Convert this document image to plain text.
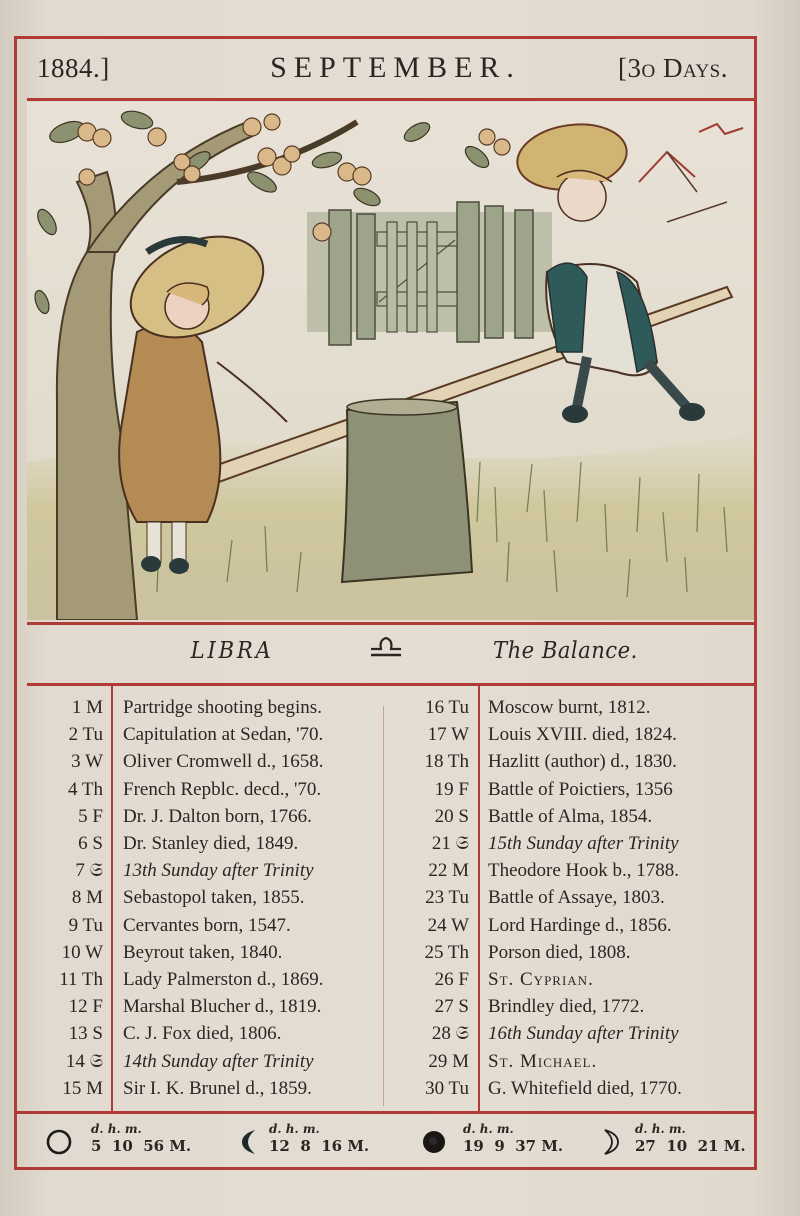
1884.]	SEPTEMBER.	[3o Days.
LIBRA	The Balance.
1 M Partridge shooting begins.
2 Tu Capitulation at Sedan, '70.
3 W Oliver Cromwell d., 1658.
4 Th French Repblc. decd., '70.
5 F Dr. J. Dalton born, 1766.
6 S Dr. Stanley died, 1849.
7 𝔖 13th Sunday after Trinity
8 M Sebastopol taken, 1855.
9 Tu Cervantes born, 1547.
10 W Beyrout taken, 1840.
11 Th Lady Palmerston d., 1869.
12 F Marshal Blucher d., 1819.
13 S C. J. Fox died, 1806.
14 𝔖 14th Sunday after Trinity
15 M Sir I. K. Brunel d., 1859.
16 Tu Moscow burnt, 1812.
17 W Louis XVIII. died, 1824.
18 Th Hazlitt (author) d., 1830.
19 F Battle of Poictiers, 1356
20 S Battle of Alma, 1854.
21 𝔖 15th Sunday after Trinity
22 M Theodore Hook b., 1788.
23 Tu Battle of Assaye, 1803.
24 W Lord Hardinge d., 1856.
25 Th Porson died, 1808.
26 F St. Cyprian.
27 S Brindley died, 1772.
28 𝔖 16th Sunday after Trinity
29 M St. Michael.
30 Tu G. Whitefield died, 1770.
d. h. m.
5 10 56 M.
d. h. m.
12 8 16 M.
d. h. m.
19 9 37 M.
d. h. m.
27 10 21 M.
